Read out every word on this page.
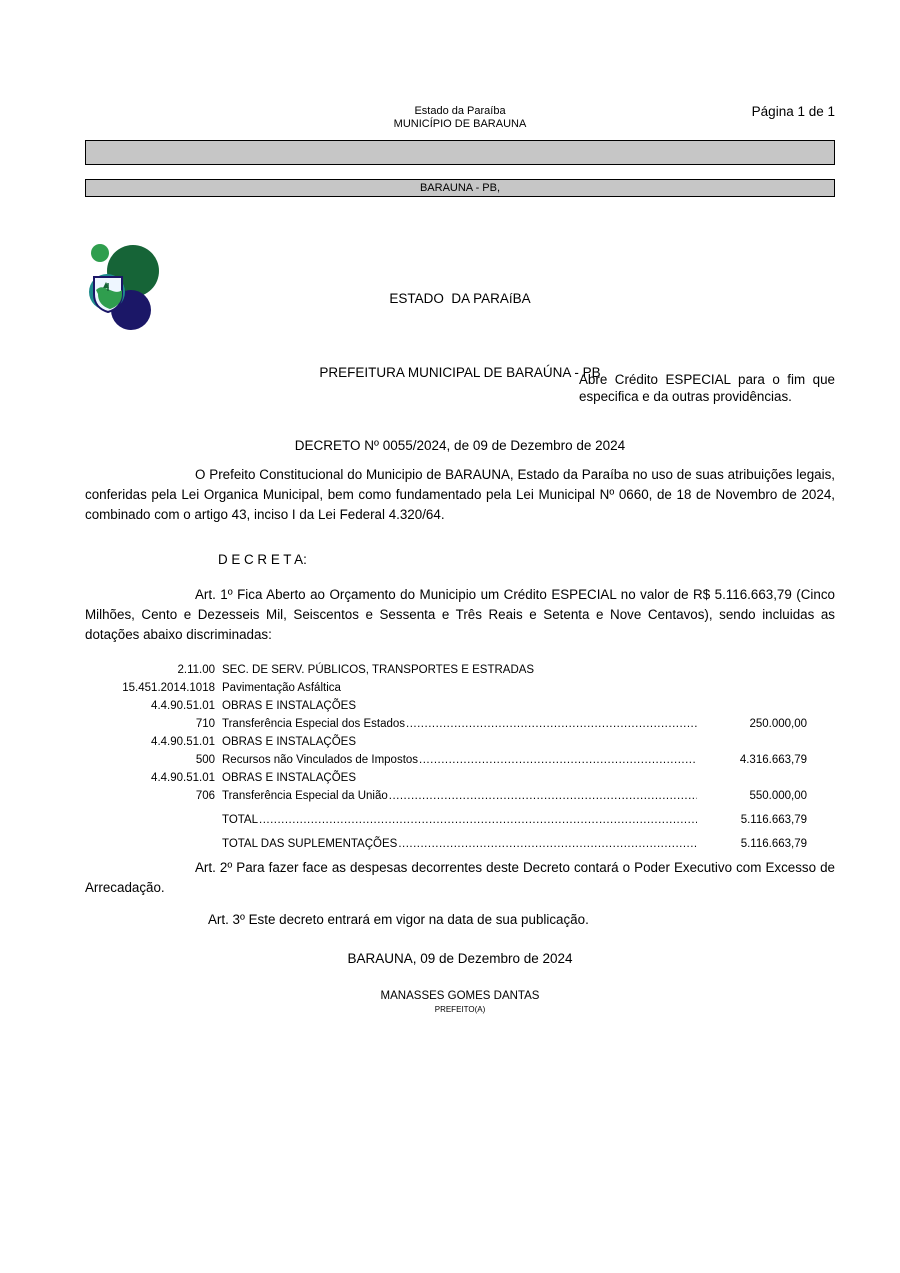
Estado da Paraíba
MUNICÍPIO DE BARAUNA
Página 1 de 1
BARAUNA - PB,

ESTADO  DA PARAíBA

PREFEITURA MUNICIPAL DE BARAÚNA - PB

DECRETO Nº 0055/2024, de 09 de Dezembro de 2024

Abre Crédito ESPECIAL para o fim que especifica e da outras providências.

O Prefeito Constitucional do Municipio de BARAUNA, Estado da Paraíba no uso de suas atribuições legais, conferidas pela Lei Organica Municipal, bem como fundamentado pela Lei Municipal Nº 0660, de 18 de Novembro de 2024, combinado com o artigo 43, inciso I da Lei Federal 4.320/64.

D E C R E T A:

Art. 1º Fica Aberto ao Orçamento do Municipio um Crédito ESPECIAL no valor de R$ 5.116.663,79 (Cinco Milhões, Cento e Dezesseis Mil, Seiscentos e Sessenta e Três Reais e Setenta e Nove Centavos), sendo incluidas as dotações abaixo discriminadas:

2.11.00 SEC. DE SERV. PÚBLICOS, TRANSPORTES E ESTRADAS
15.451.2014.1018 Pavimentação Asfáltica
4.4.90.51.01 OBRAS E INSTALAÇÕES
710 Transferência Especial dos Estados .....	250.000,00
4.4.90.51.01 OBRAS E INSTALAÇÕES
500 Recursos não Vinculados de Impostos .....	4.316.663,79
4.4.90.51.01 OBRAS E INSTALAÇÕES
706 Transferência Especial da União .....	550.000,00
TOTAL .....	5.116.663,79
TOTAL DAS SUPLEMENTAÇÕES .....	5.116.663,79

Art. 2º Para fazer face as despesas decorrentes deste Decreto contará o Poder Executivo com Excesso de Arrecadação.

Art. 3º Este decreto entrará em vigor na data de sua publicação.

BARAUNA, 09 de Dezembro de 2024
MANASSES GOMES DANTAS
PREFEITO(A)
